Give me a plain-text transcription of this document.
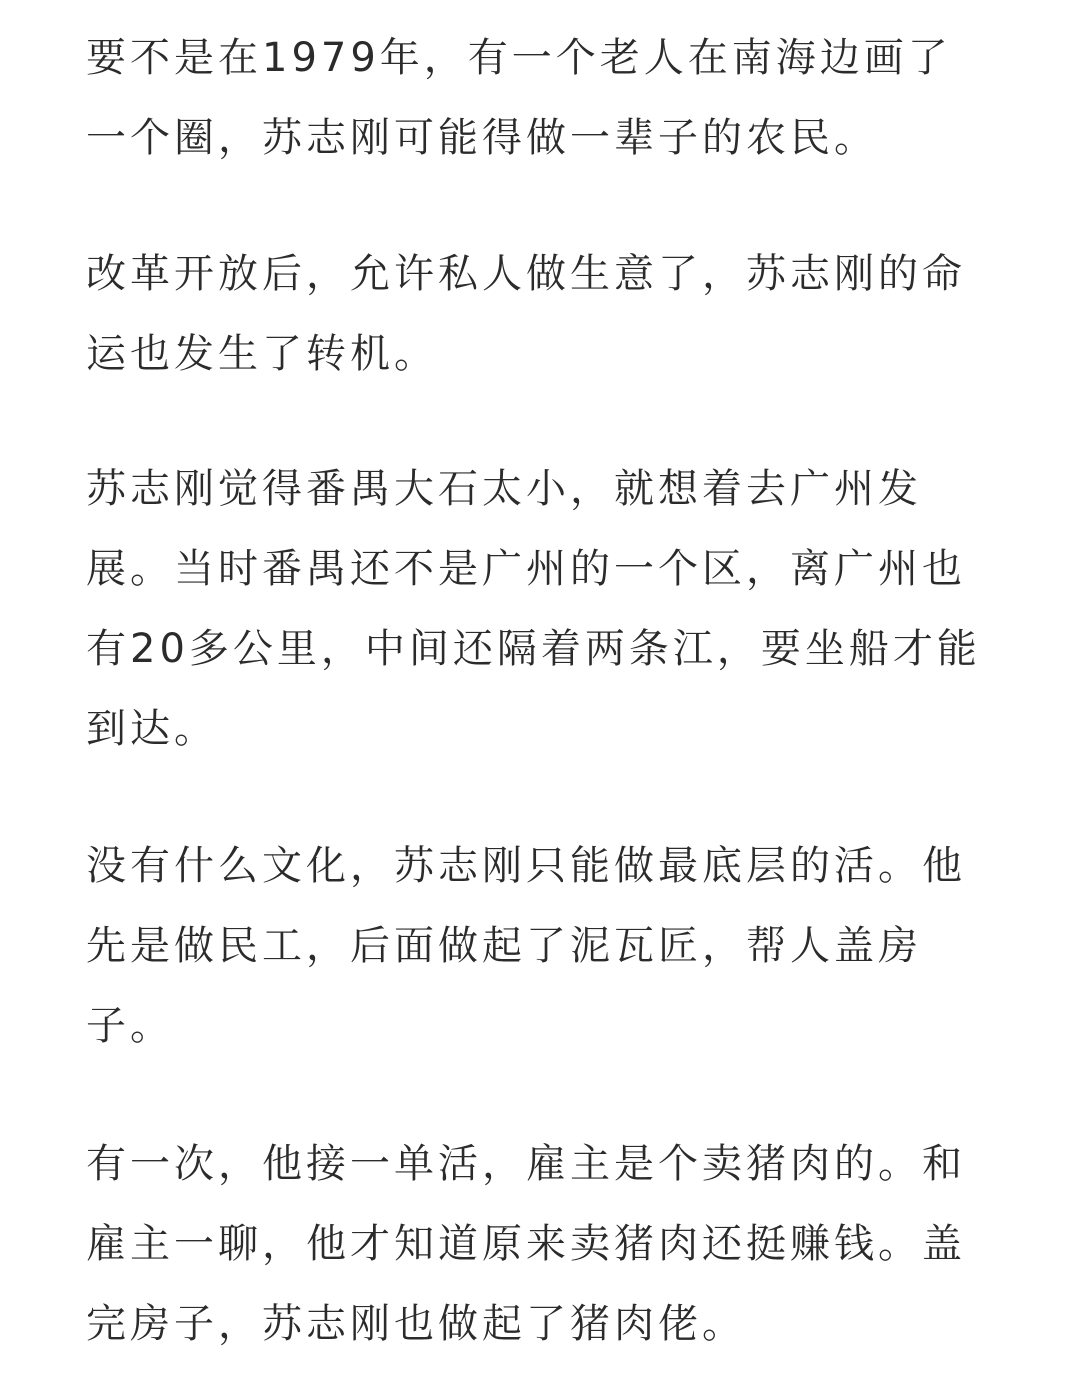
要不是在1979年，有一个老人在南海边画了

一个圈，苏志刚可能得做一辈子的农民。

改革开放后，允许私人做生意了，苏志刚的命

运也发生了转机。

苏志刚觉得番禺大石太小，就想着去广州发

展。当时番禺还不是广州的一个区，离广州也

有20多公里，中间还隔着两条江，要坐船才能

到达。

没有什么文化，苏志刚只能做最底层的活。他

先是做民工，后面做起了泥瓦匠，帮人盖房

子。

有一次，他接一单活，雇主是个卖猪肉的。和

雇主一聊，他才知道原来卖猪肉还挺赚钱。盖

完房子，苏志刚也做起了猪肉佬。
